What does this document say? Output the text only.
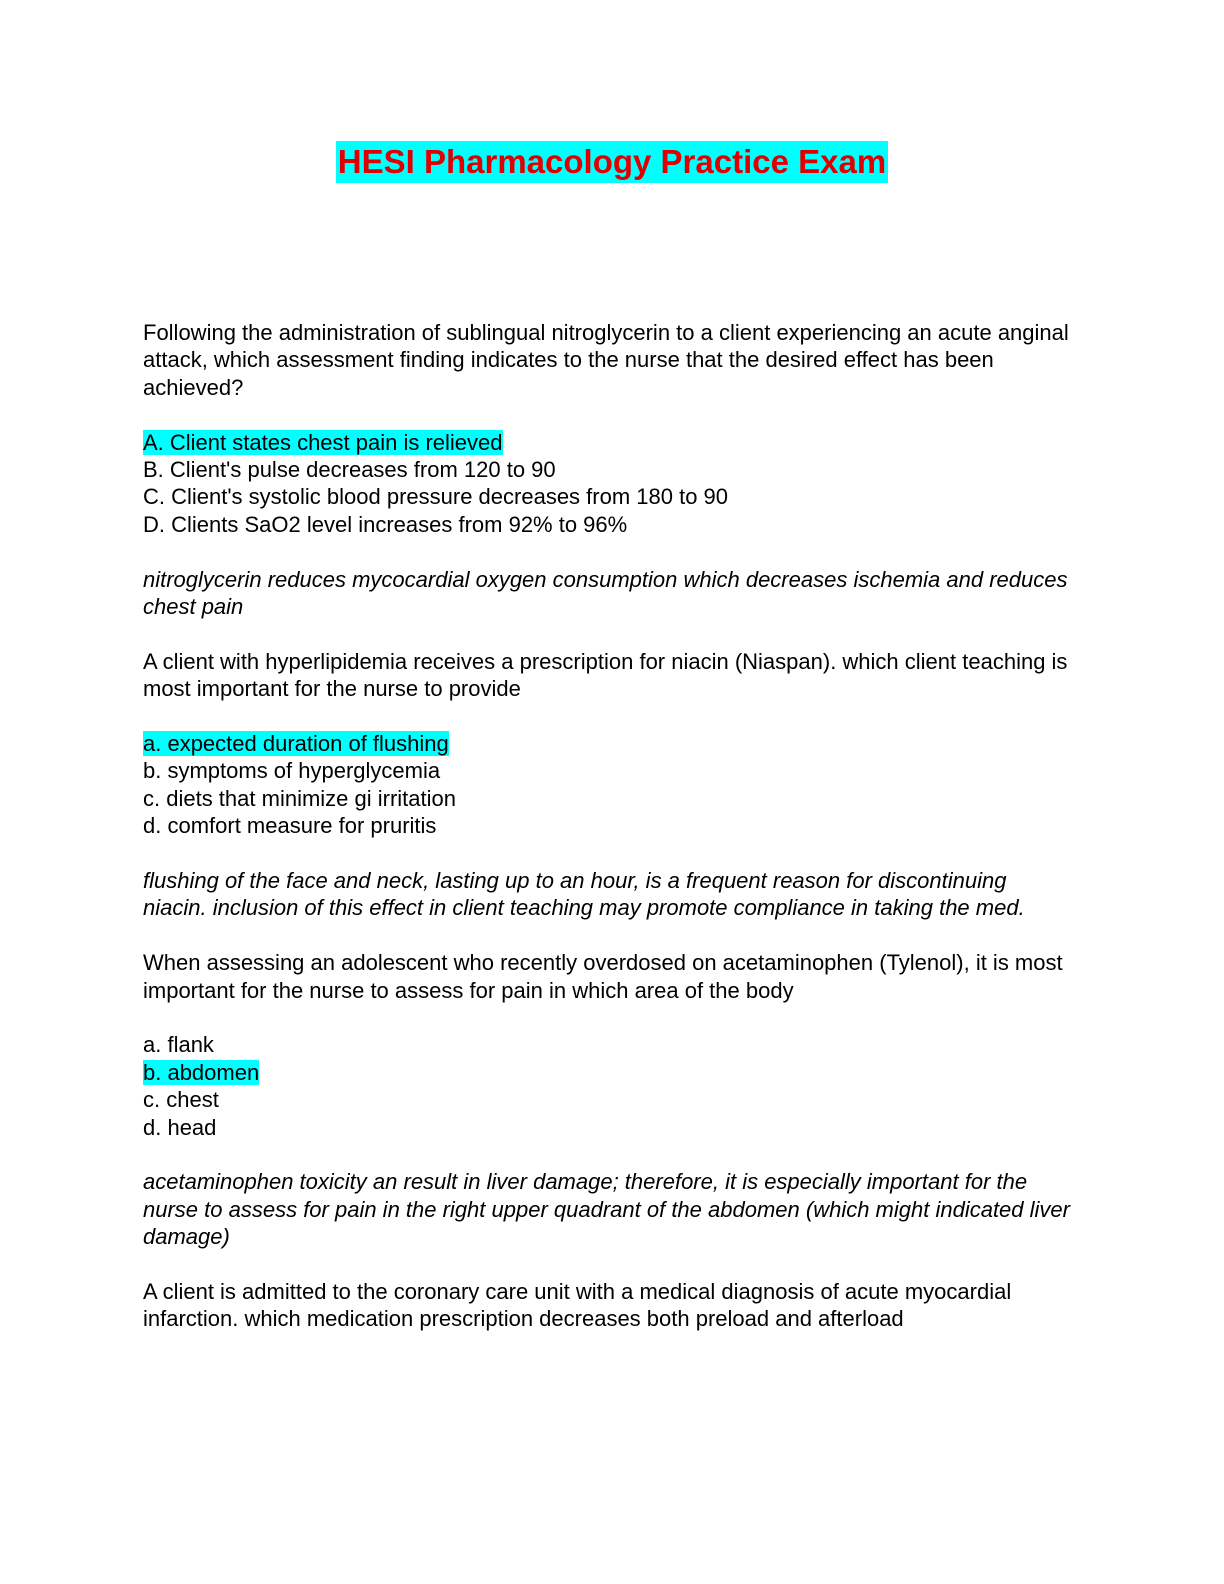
HESI Pharmacology Practice Exam
Following the administration of sublingual nitroglycerin to a client experiencing an acute anginal attack, which assessment finding indicates to the nurse that the desired effect has been achieved?
A. Client states chest pain is relieved
B. Client's pulse decreases from 120 to 90
C. Client's systolic blood pressure decreases from 180 to 90
D. Clients SaO2 level increases from 92% to 96%
nitroglycerin reduces mycocardial oxygen consumption which decreases ischemia and reduces chest pain
A client with hyperlipidemia receives a prescription for niacin (Niaspan). which client teaching is most important for the nurse to provide
a. expected duration of flushing
b. symptoms of hyperglycemia
c. diets that minimize gi irritation
d. comfort measure for pruritis
flushing of the face and neck, lasting up to an hour, is a frequent reason for discontinuing niacin. inclusion of this effect in client teaching may promote compliance in taking the med.
When assessing an adolescent who recently overdosed on acetaminophen (Tylenol), it is most important for the nurse to assess for pain in which area of the body
a. flank
b. abdomen
c. chest
d. head
acetaminophen toxicity an result in liver damage; therefore, it is especially important for the nurse to assess for pain in the right upper quadrant of the abdomen (which might indicated liver damage)
A client is admitted to the coronary care unit with a medical diagnosis of acute myocardial infarction. which medication prescription decreases both preload and afterload
